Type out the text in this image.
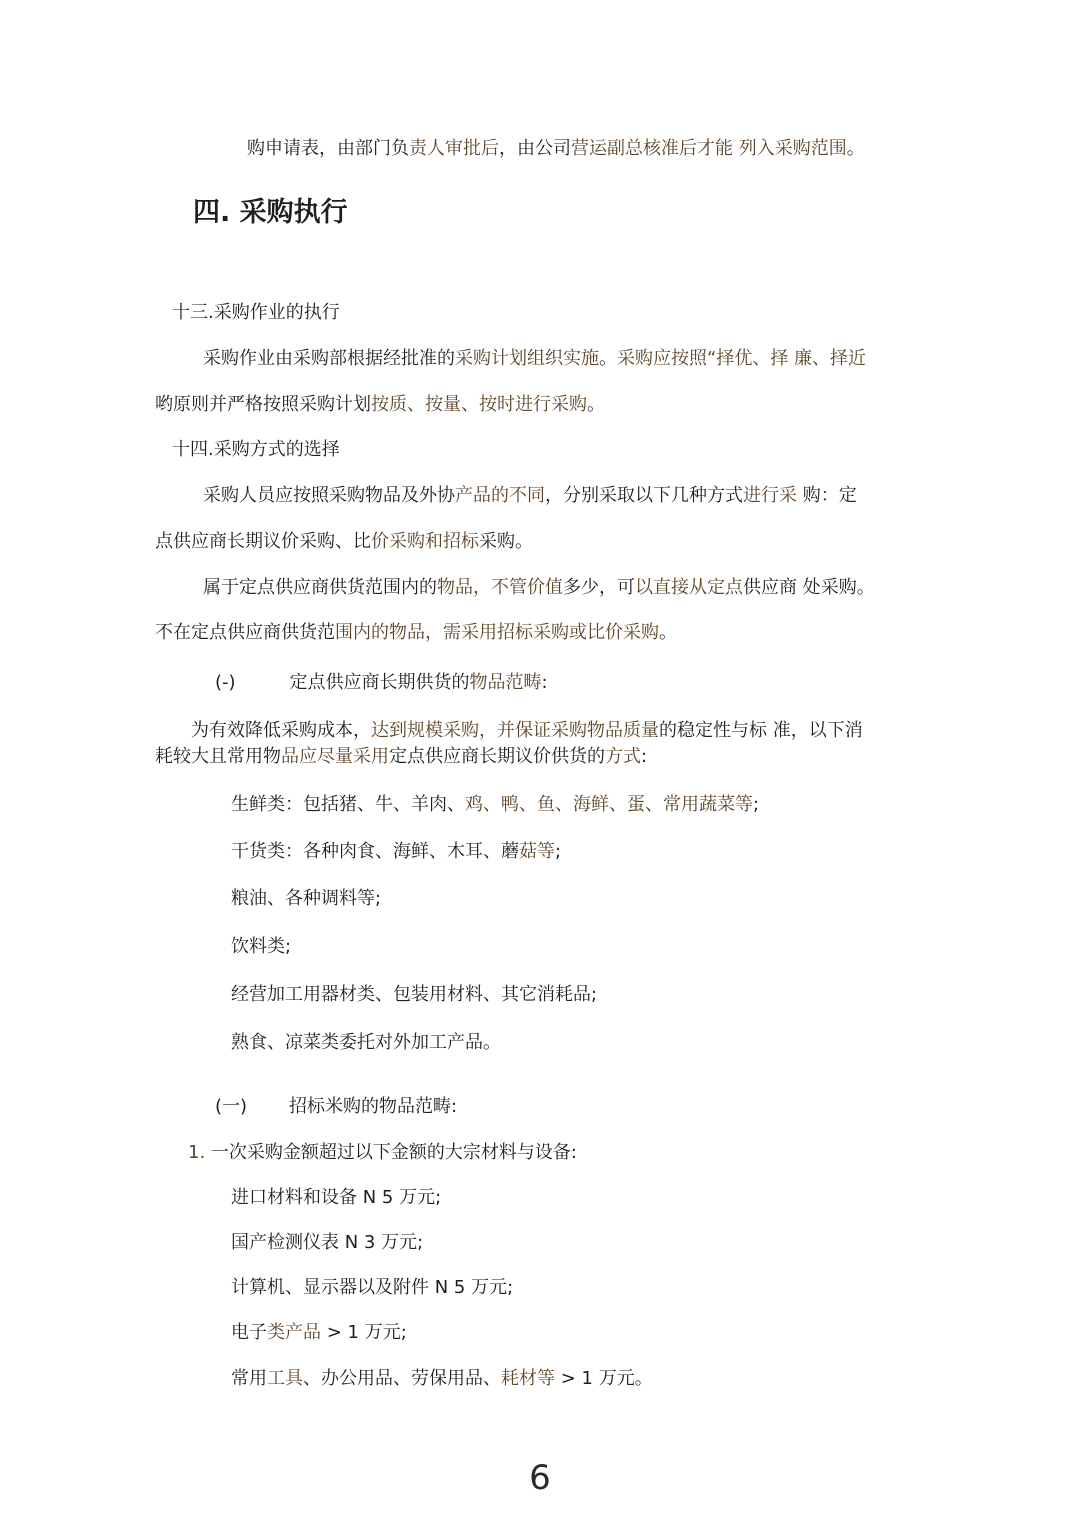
购申请表，由部门负责人审批后，由公司营运副总核准后才能 列入采购范围。

四. 采购执行

十三.采购作业的执行

采购作业由采购部根据经批准的采购计划组织实施。采购应按照“择优、择 廉、择近

哟原则并严格按照采购计划按质、按量、按时进行采购。

十四.采购方式的选择

采购人员应按照采购物品及外协产品的不同，分别采取以下几种方式进行采 购：定

点供应商长期议价采购、比价采购和招标采购。

属于定点供应商供货范围内的物品，不管价值多少，可以直接从定点供应商 处采购。

不在定点供应商供货范围内的物品，需采用招标采购或比价采购。

(-)	定点供应商长期供货的物品范畴:

为有效降低采购成本，达到规模采购，并保证采购物品质量的稳定性与标 准，以下消

耗较大且常用物品应尽量采用定点供应商长期议价供货的方式:

生鲜类：包括猪、牛、羊肉、鸡、鸭、鱼、海鲜、蛋、常用蔬菜等;

干货类：各种肉食、海鲜、木耳、蘑菇等;

粮油、各种调料等;

饮料类;

经营加工用器材类、包装用材料、其它消耗品;

熟食、凉菜类委托对外加工产品。

(一) 招标米购的物品范畴:

1. 一次采购金额超过以下金额的大宗材料与设备:

进口材料和设备 N 5 万元;

国产检测仪表 N 3 万元;

计算机、显示器以及附件 N 5 万元;

电子类产品 > 1 万元;

常用工具、办公用品、劳保用品、耗材等 > 1 万元。

6
